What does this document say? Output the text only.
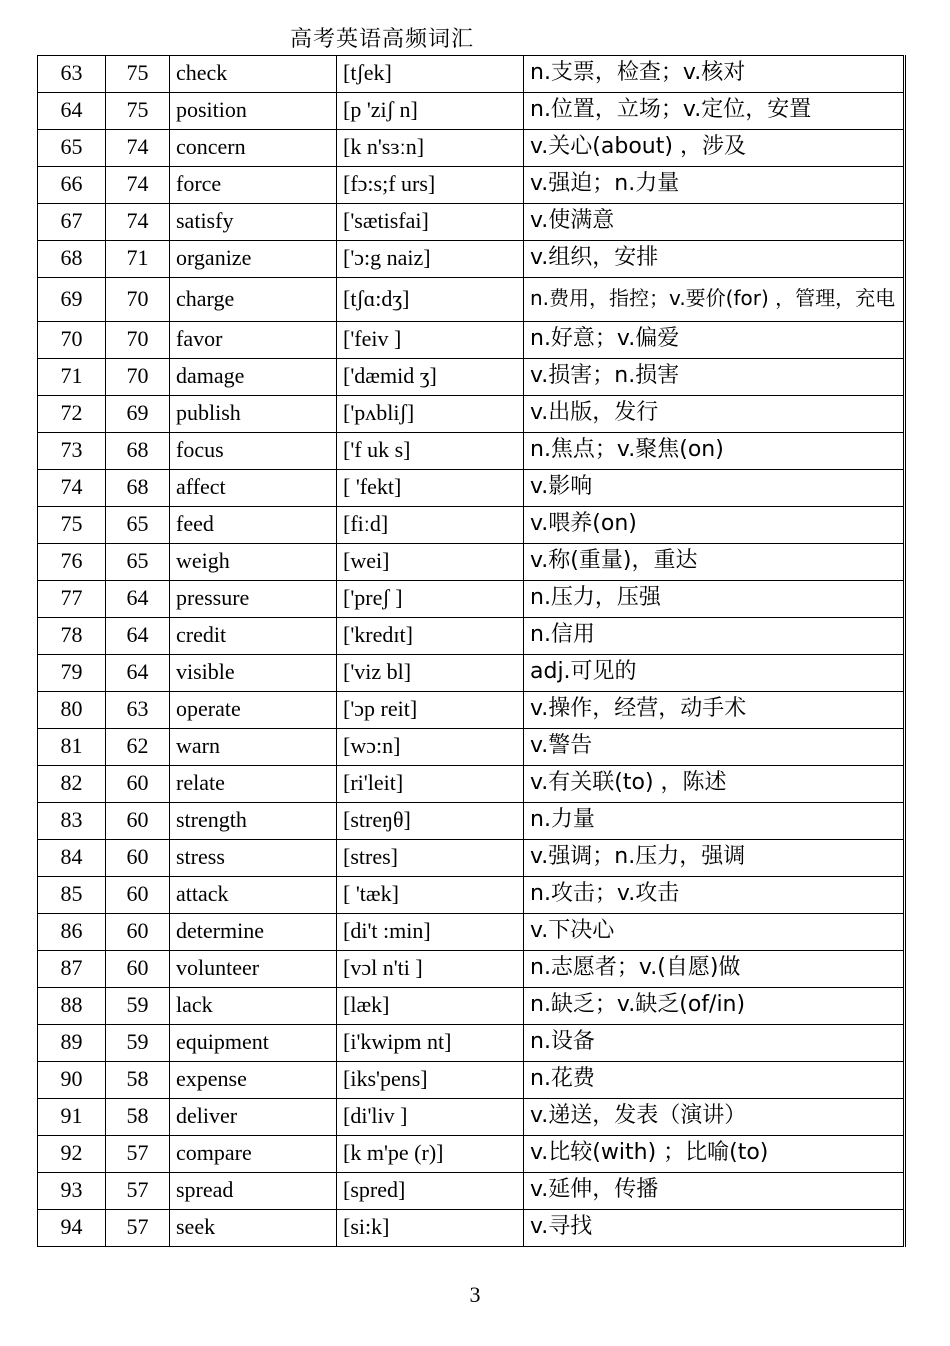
高考英语高频词汇
63	75	check	[tʃek]	n.支票，检查；v.核对
64	75	position	[p 'ziʃ n]	n.位置，立场；v.定位，安置
65	74	concern	[k n'sɜːn]	v.关心(about) ，涉及
66	74	force	[fɔ:s;f urs]	v.强迫；n.力量
67	74	satisfy	['sætisfai]	v.使满意
68	71	organize	['ɔ:g naiz]	v.组织，安排
69	70	charge	[tʃɑ:dʒ]	n.费用，指控；v.要价(for) ，管理，充电
70	70	favor	['feiv ]	n.好意；v.偏爱
71	70	damage	['dæmid ʒ]	v.损害；n.损害
72	69	publish	['pʌbliʃ]	v.出版，发行
73	68	focus	['f uk s]	n.焦点；v.聚焦(on)
74	68	affect	[ 'fekt]	v.影响
75	65	feed	[fiːd]	v.喂养(on)
76	65	weigh	[wei]	v.称(重量)，重达
77	64	pressure	['preʃ ]	n.压力，压强
78	64	credit	['kredɪt]	n.信用
79	64	visible	['viz bl]	adj.可见的
80	63	operate	['ɔp reit]	v.操作，经营，动手术
81	62	warn	[wɔ:n]	v.警告
82	60	relate	[ri'leit]	v.有关联(to) ，陈述
83	60	strength	[streŋθ]	n.力量
84	60	stress	[stres]	v.强调；n.压力，强调
85	60	attack	[ 'tæk]	n.攻击；v.攻击
86	60	determine	[di't :min]	v.下决心
87	60	volunteer	[vɔl n'ti ]	n.志愿者；v.(自愿)做
88	59	lack	[læk]	n.缺乏；v.缺乏(of/in)
89	59	equipment	[i'kwipm nt]	n.设备
90	58	expense	[iks'pens]	n.花费
91	58	deliver	[di'liv ]	v.递送，发表（演讲）
92	57	compare	[k m'pe (r)]	v.比较(with) ；比喻(to)
93	57	spread	[spred]	v.延伸，传播
94	57	seek	[si:k]	v.寻找
3
